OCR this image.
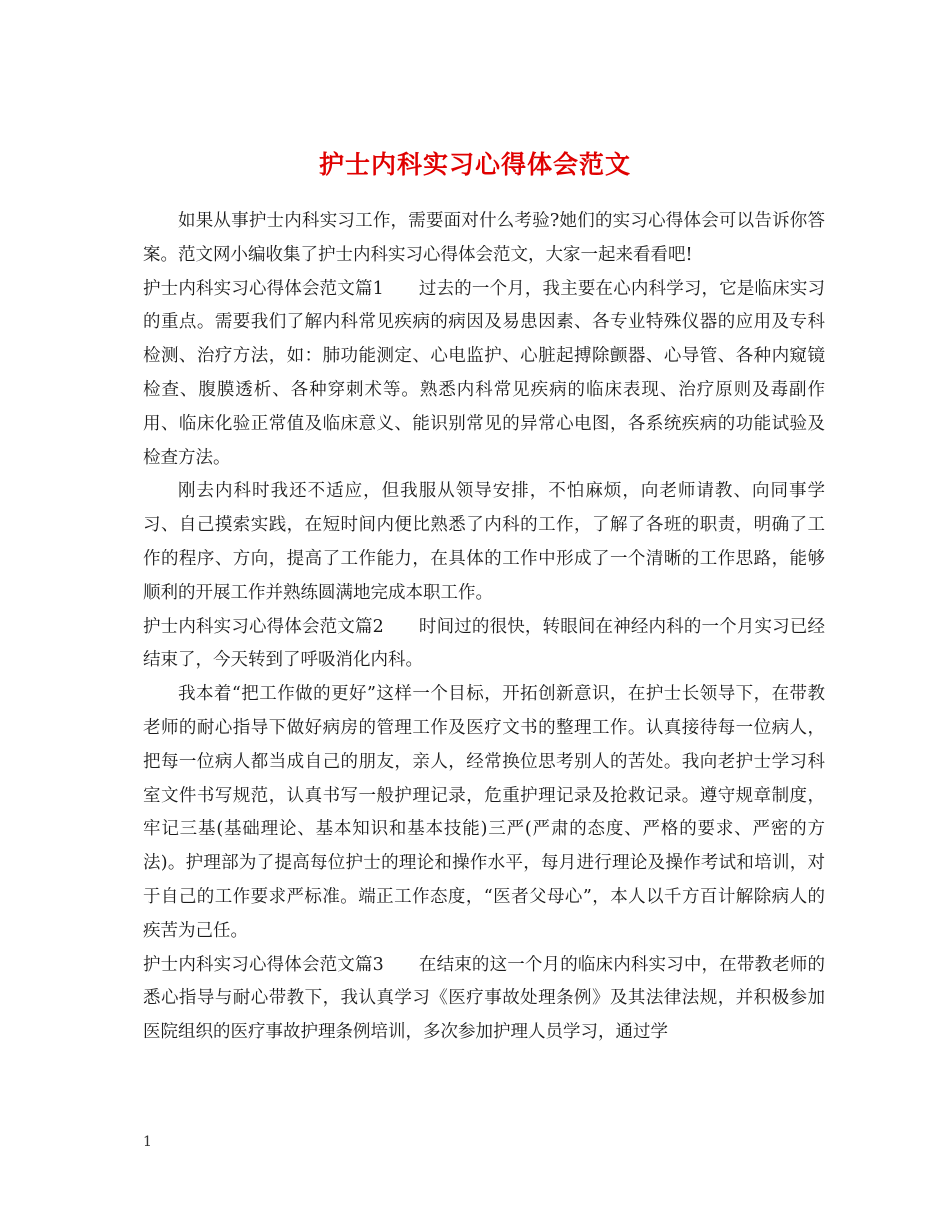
护士内科实习心得体会范文

如果从事护士内科实习工作，需要面对什么考验?她们的实习心得体会可以告诉你答案。范文网小编收集了护士内科实习心得体会范文，大家一起来看看吧!

护士内科实习心得体会范文篇1 过去的一个月，我主要在心内科学习，它是临床实习的重点。需要我们了解内科常见疾病的病因及易患因素、各专业特殊仪器的应用及专科检测、治疗方法，如：肺功能测定、心电监护、心脏起搏除颤器、心导管、各种内窥镜检查、腹膜透析、各种穿刺术等。熟悉内科常见疾病的临床表现、治疗原则及毒副作用、临床化验正常值及临床意义、能识别常见的异常心电图，各系统疾病的功能试验及检查方法。

刚去内科时我还不适应，但我服从领导安排，不怕麻烦，向老师请教、向同事学习、自己摸索实践，在短时间内便比熟悉了内科的工作，了解了各班的职责，明确了工作的程序、方向，提高了工作能力，在具体的工作中形成了一个清晰的工作思路，能够顺利的开展工作并熟练圆满地完成本职工作。

护士内科实习心得体会范文篇2 时间过的很快，转眼间在神经内科的一个月实习已经结束了，今天转到了呼吸消化内科。

我本着“把工作做的更好”这样一个目标，开拓创新意识，在护士长领导下，在带教老师的耐心指导下做好病房的管理工作及医疗文书的整理工作。认真接待每一位病人，把每一位病人都当成自己的朋友，亲人，经常换位思考别人的苦处。我向老护士学习科室文件书写规范，认真书写一般护理记录，危重护理记录及抢救记录。遵守规章制度，牢记三基(基础理论、基本知识和基本技能)三严(严肃的态度、严格的要求、严密的方法)。护理部为了提高每位护士的理论和操作水平，每月进行理论及操作考试和培训，对于自己的工作要求严标准。端正工作态度，“医者父母心”，本人以千方百计解除病人的疾苦为己任。

护士内科实习心得体会范文篇3 在结束的这一个月的临床内科实习中，在带教老师的悉心指导与耐心带教下，我认真学习《医疗事故处理条例》及其法律法规，并积极参加医院组织的医疗事故护理条例培训，多次参加护理人员学习，通过学

1
